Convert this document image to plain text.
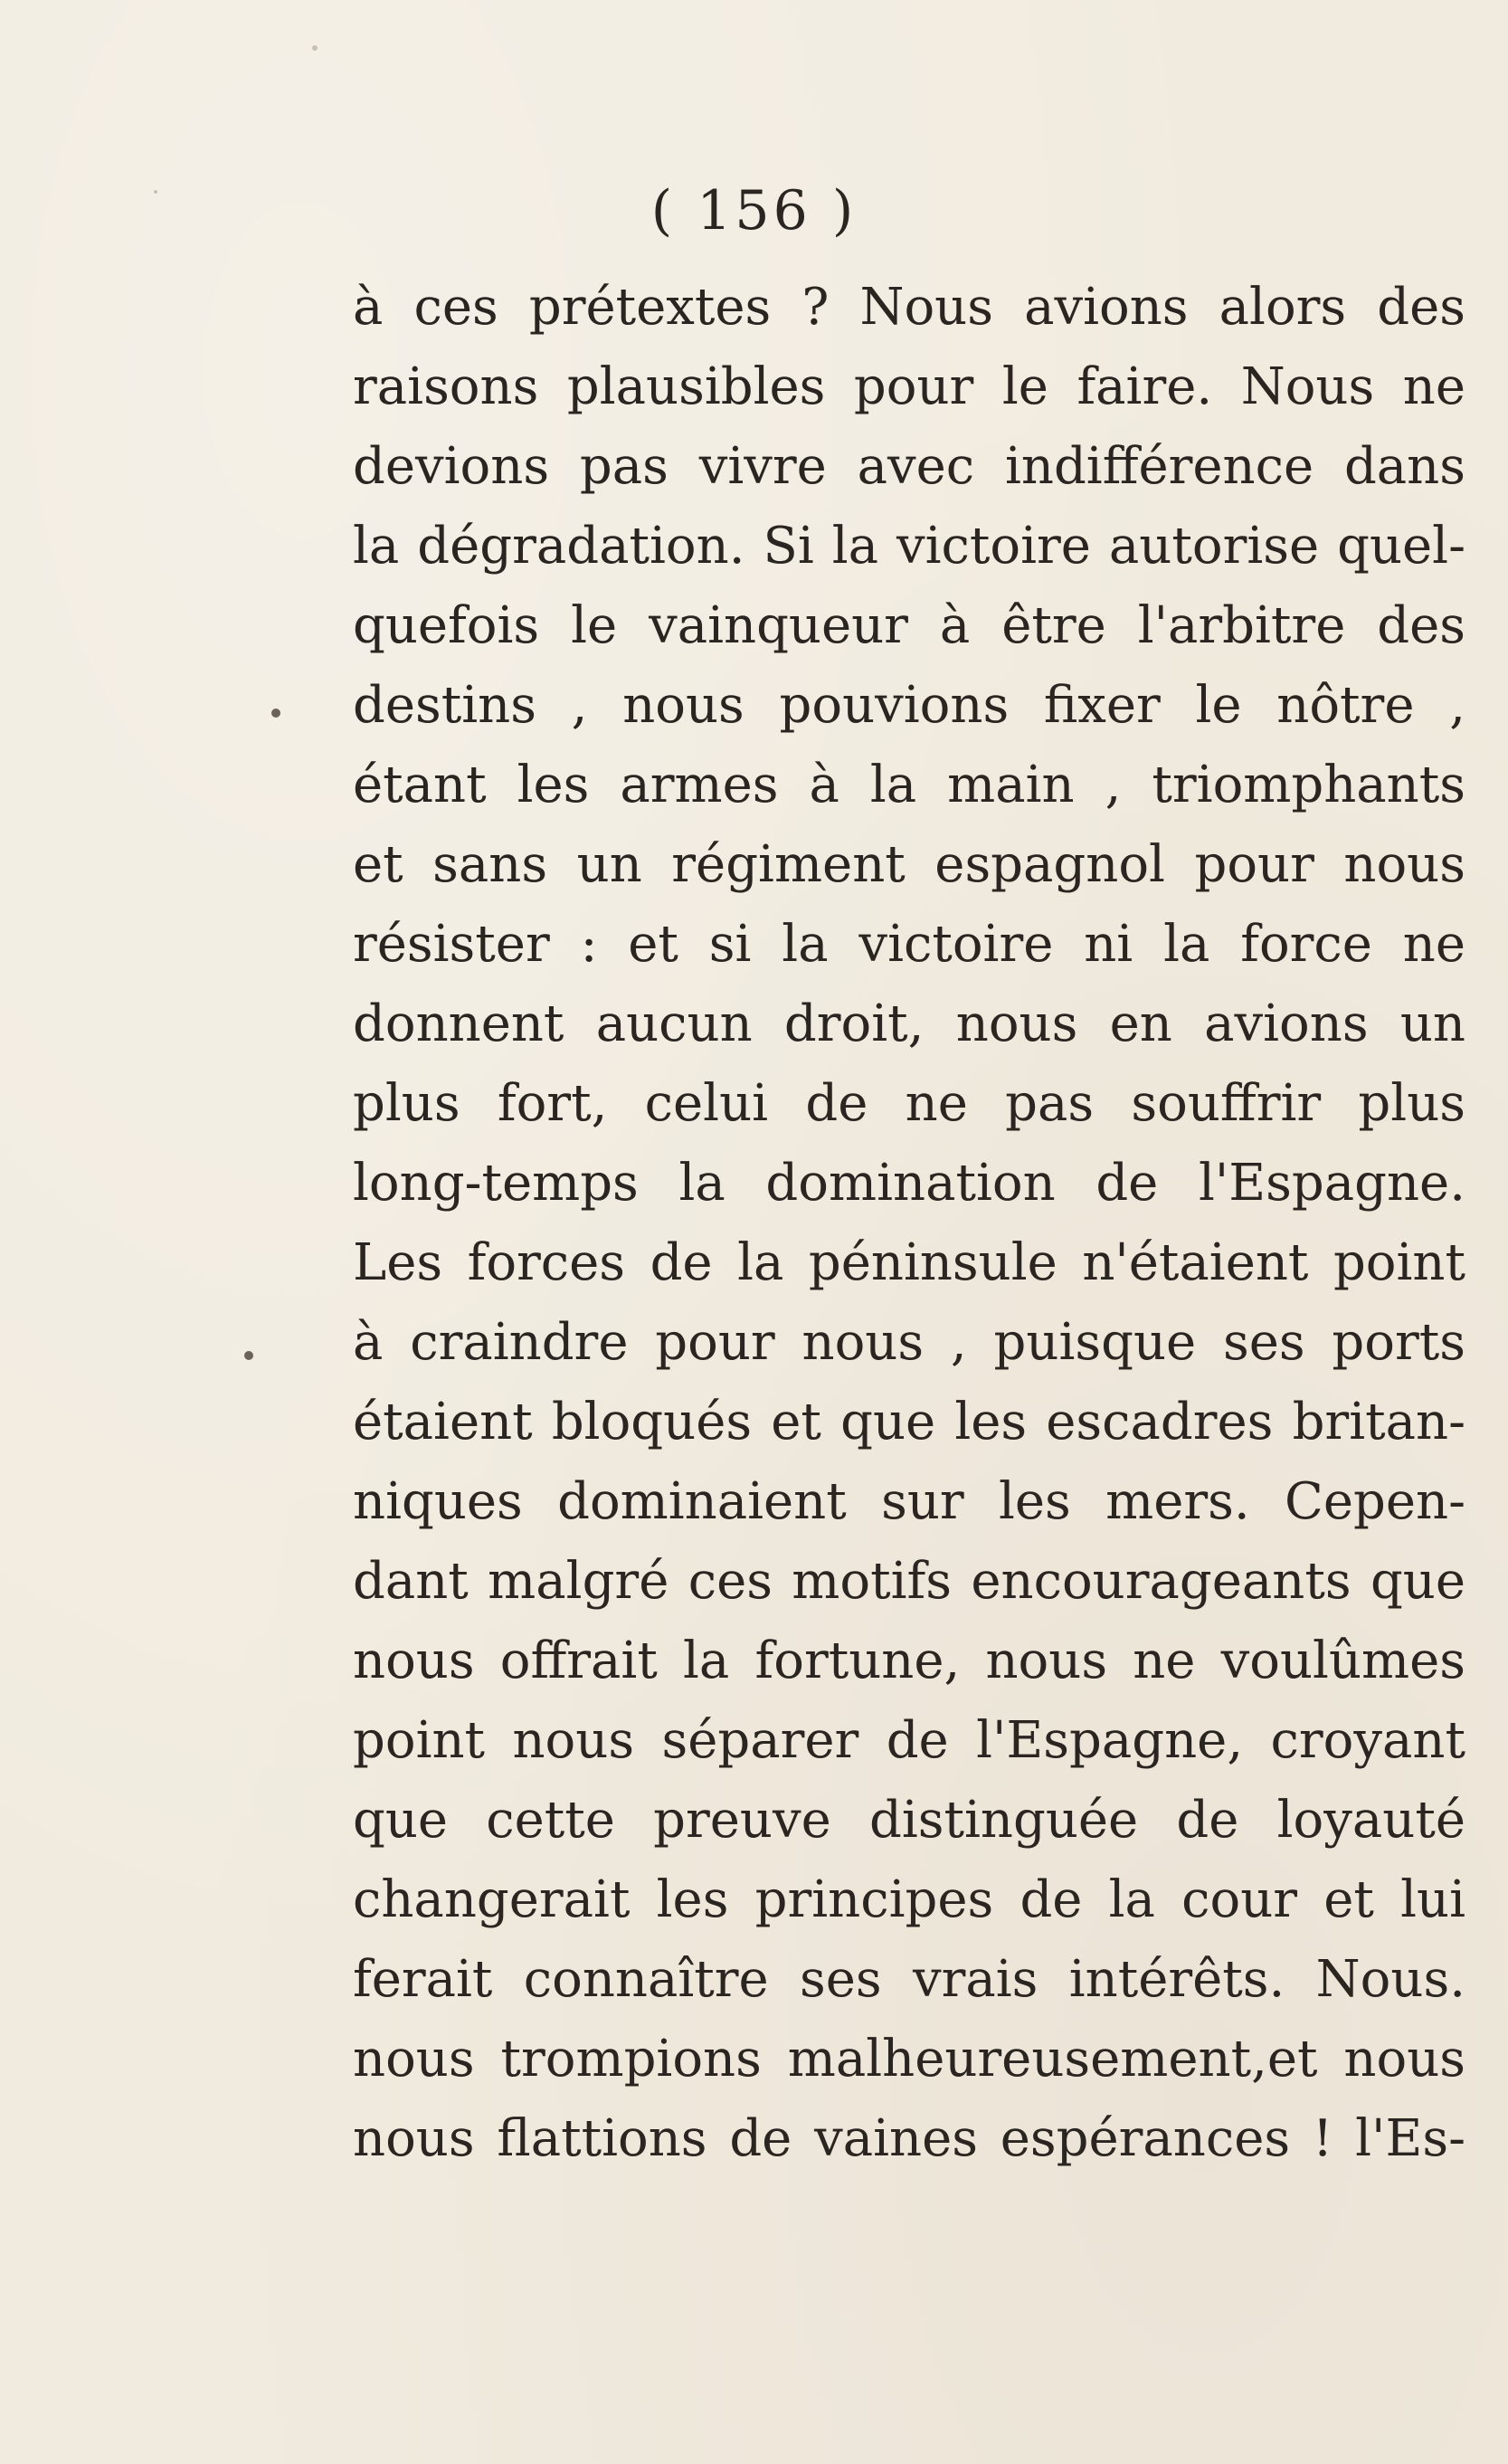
( 156 )
à ces prétextes ? Nous avions alors des
raisons plausibles pour le faire. Nous ne
devions pas vivre avec indifférence dans
la dégradation. Si la victoire autorise quel-
quefois le vainqueur à être l'arbitre des
destins , nous pouvions fixer le nôtre ,
étant les armes à la main , triomphants
et sans un régiment espagnol pour nous
résister : et si la victoire ni la force ne
donnent aucun droit, nous en avions un
plus fort, celui de ne pas souffrir plus
long-temps la domination de l'Espagne.
Les forces de la péninsule n'étaient point
à craindre pour nous , puisque ses ports
étaient bloqués et que les escadres britan-
niques dominaient sur les mers. Cepen-
dant malgré ces motifs encourageants que
nous offrait la fortune, nous ne voulûmes
point nous séparer de l'Espagne, croyant
que cette preuve distinguée de loyauté
changerait les principes de la cour et lui
ferait connaître ses vrais intérêts. Nous.
nous trompions malheureusement,et nous
nous flattions de vaines espérances ! l'Es-
